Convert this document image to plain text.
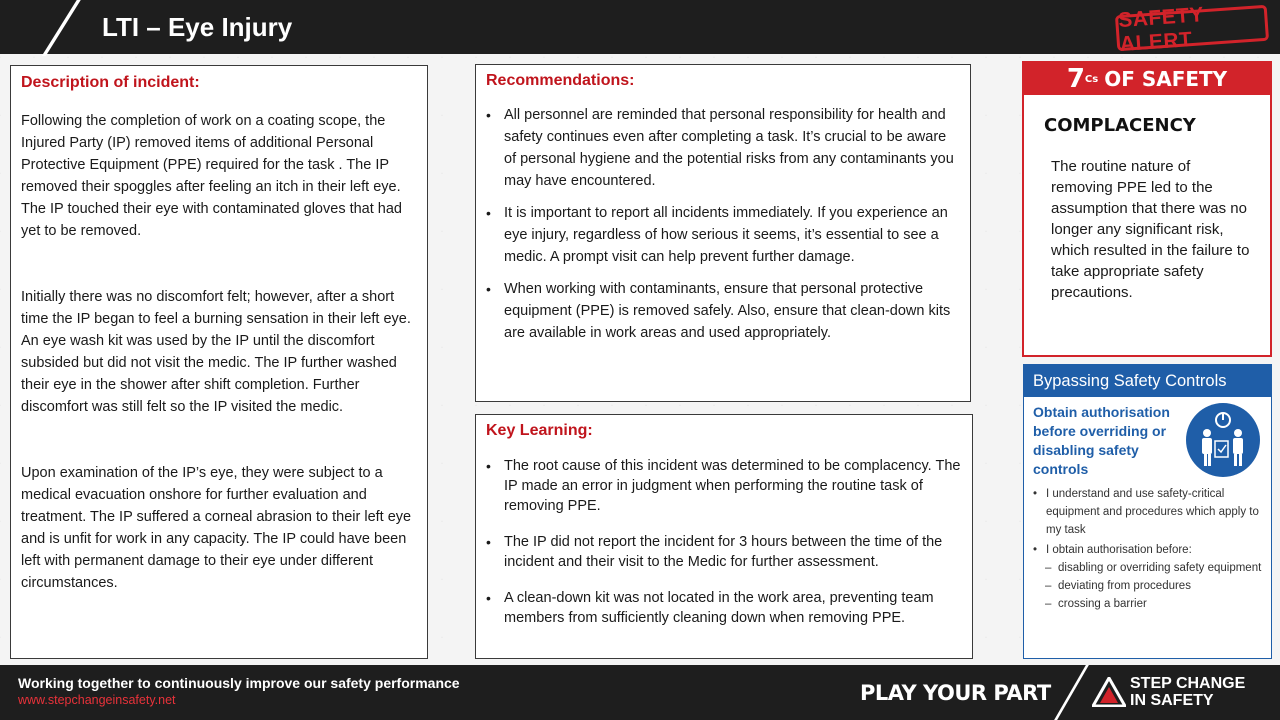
LTI – Eye Injury	SAFETY ALERT
Description of incident:

Following the completion of work on a coating scope, the Injured Party (IP) removed items of additional Personal Protective Equipment (PPE) required for the task . The IP removed their spoggles after feeling an itch in their left eye. The IP touched their eye with contaminated gloves that had yet to be removed.

Initially there was no discomfort felt; however, after a short time the IP began to feel a burning sensation in their left eye. An eye wash kit was used by the IP until the discomfort subsided but did not visit the medic. The IP further washed their eye in the shower after shift completion. Further discomfort was still felt so the IP visited the medic.

Upon examination of the IP’s eye, they were subject to a medical evacuation onshore for further evaluation and treatment. The IP suffered a corneal abrasion to their left eye and is unfit for work in any capacity. The IP could have been left with permanent damage to their eye under different circumstances.

Recommendations:
• All personnel are reminded that personal responsibility for health and safety continues even after completing a task. It’s crucial to be aware of personal hygiene and the potential risks from any contaminants you may have encountered.
• It is important to report all incidents immediately. If you experience an eye injury, regardless of how serious it seems, it’s essential to see a medic. A prompt visit can help prevent further damage.
• When working with contaminants, ensure that personal protective equipment (PPE) is removed safely. Also, ensure that clean-down kits are available in work areas and used appropriately.
Key Learning:
• The root cause of this incident was determined to be complacency. The IP made an error in judgment when performing the routine task of removing PPE.
• The IP did not report the incident for 3 hours between the time of the incident and their visit to the Medic for further assessment.
• A clean-down kit was not located in the work area, preventing team members from sufficiently cleaning down when removing PPE.
7 Cs OF SAFETY
COMPLACENCY
The routine nature of removing PPE led to the assumption that there was no longer any significant risk, which resulted in the failure to take appropriate safety precautions.
Bypassing Safety Controls
Obtain authorisation before overriding or disabling safety controls
• I understand and use safety-critical equipment and procedures which apply to my task
• I obtain authorisation before:
– disabling or overriding safety equipment
– deviating from procedures
– crossing a barrier
Working together to continuously improve our safety performance
www.stepchangeinsafety.net	PLAY YOUR PART	STEP CHANGE
IN SAFETY
